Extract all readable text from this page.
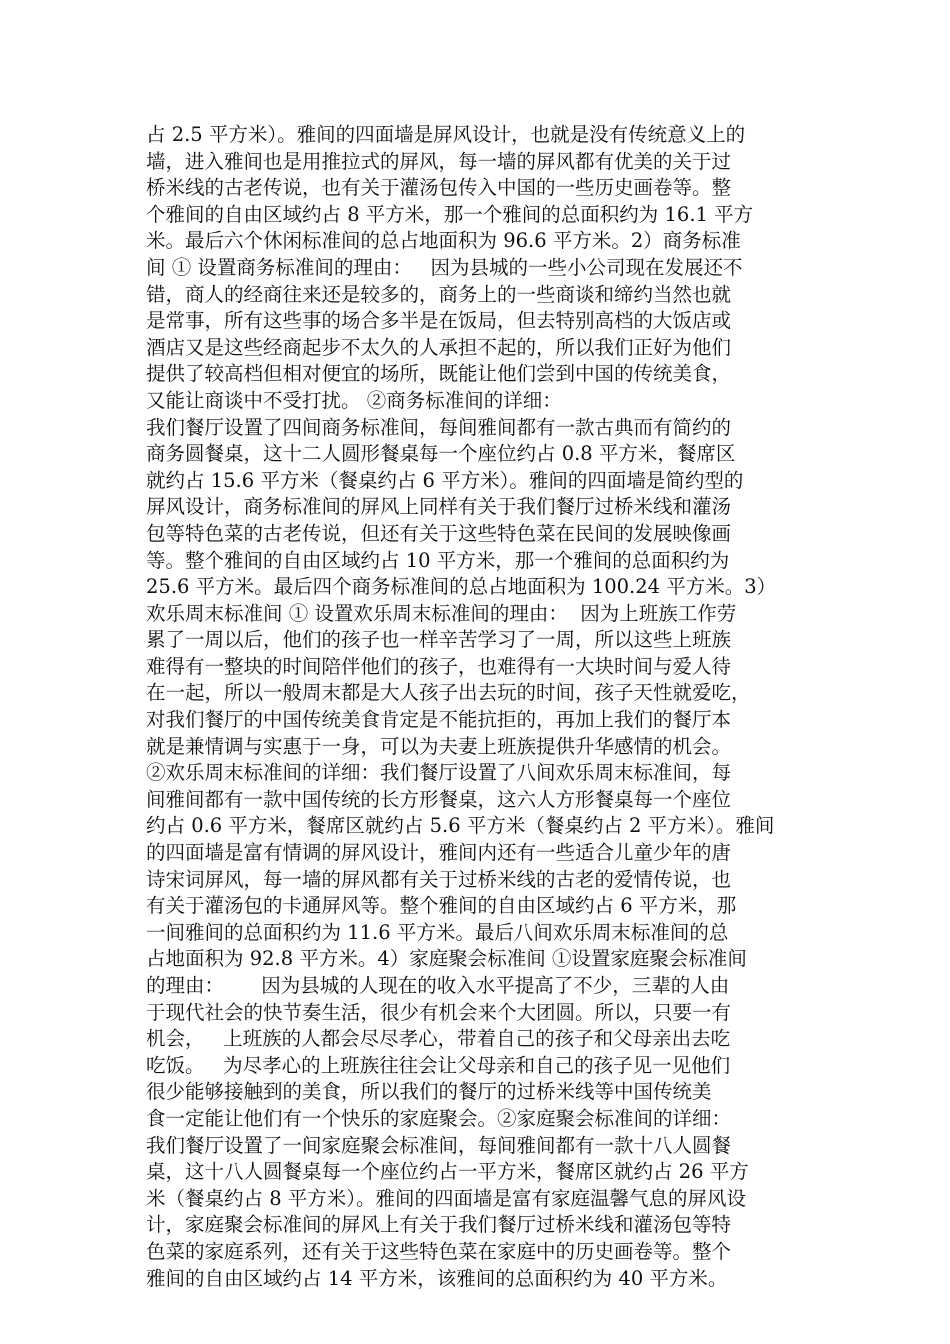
占 2.5 平方米）。雅间的四面墙是屏风设计，也就是没有传统意义上的
墙，进入雅间也是用推拉式的屏风，每一墙的屏风都有优美的关于过
桥米线的古老传说，也有关于灌汤包传入中国的一些历史画卷等。整
个雅间的自由区域约占 8 平方米，那一个雅间的总面积约为 16.1 平方
米。最后六个休闲标准间的总占地面积为 96.6 平方米。2）商务标准
间 ① 设置商务标准间的理由：   因为县城的一些小公司现在发展还不
错，商人的经商往来还是较多的，商务上的一些商谈和缔约当然也就
是常事，所有这些事的场合多半是在饭局，但去特别高档的大饭店或
酒店又是这些经商起步不太久的人承担不起的，所以我们正好为他们
提供了较高档但相对便宜的场所，既能让他们尝到中国的传统美食，
又能让商谈中不受打扰。 ②商务标准间的详细：
我们餐厅设置了四间商务标准间，每间雅间都有一款古典而有简约的
商务圆餐桌，这十二人圆形餐桌每一个座位约占 0.8 平方米，餐席区
就约占 15.6 平方米（餐桌约占 6 平方米）。雅间的四面墙是简约型的
屏风设计，商务标准间的屏风上同样有关于我们餐厅过桥米线和灌汤
包等特色菜的古老传说，但还有关于这些特色菜在民间的发展映像画
等。整个雅间的自由区域约占 10 平方米，那一个雅间的总面积约为
25.6 平方米。最后四个商务标准间的总占地面积为 100.24 平方米。3）
欢乐周末标准间 ① 设置欢乐周末标准间的理由：  因为上班族工作劳
累了一周以后，他们的孩子也一样辛苦学习了一周，所以这些上班族
难得有一整块的时间陪伴他们的孩子，也难得有一大块时间与爱人待
在一起，所以一般周末都是大人孩子出去玩的时间，孩子天性就爱吃，
对我们餐厅的中国传统美食肯定是不能抗拒的，再加上我们的餐厅本
就是兼情调与实惠于一身，可以为夫妻上班族提供升华感情的机会。
②欢乐周末标准间的详细：我们餐厅设置了八间欢乐周末标准间，每
间雅间都有一款中国传统的长方形餐桌，这六人方形餐桌每一个座位
约占 0.6 平方米，餐席区就约占 5.6 平方米（餐桌约占 2 平方米）。雅间
的四面墙是富有情调的屏风设计，雅间内还有一些适合儿童少年的唐
诗宋词屏风，每一墙的屏风都有关于过桥米线的古老的爱情传说，也
有关于灌汤包的卡通屏风等。整个雅间的自由区域约占 6 平方米，那
一间雅间的总面积约为 11.6 平方米。最后八间欢乐周末标准间的总
占地面积为 92.8 平方米。4）家庭聚会标准间 ①设置家庭聚会标准间
的理由：      因为县城的人现在的收入水平提高了不少，三辈的人由
于现代社会的快节奏生活，很少有机会来个大团圆。所以，只要一有
机会，   上班族的人都会尽尽孝心，带着自己的孩子和父母亲出去吃
吃饭。   为尽孝心的上班族往往会让父母亲和自己的孩子见一见他们
很少能够接触到的美食，所以我们的餐厅的过桥米线等中国传统美
食一定能让他们有一个快乐的家庭聚会。②家庭聚会标准间的详细：
我们餐厅设置了一间家庭聚会标准间，每间雅间都有一款十八人圆餐
桌，这十八人圆餐桌每一个座位约占一平方米，餐席区就约占 26 平方
米（餐桌约占 8 平方米）。雅间的四面墙是富有家庭温馨气息的屏风设
计，家庭聚会标准间的屏风上有关于我们餐厅过桥米线和灌汤包等特
色菜的家庭系列，还有关于这些特色菜在家庭中的历史画卷等。整个
雅间的自由区域约占 14 平方米，该雅间的总面积约为 40 平方米。
